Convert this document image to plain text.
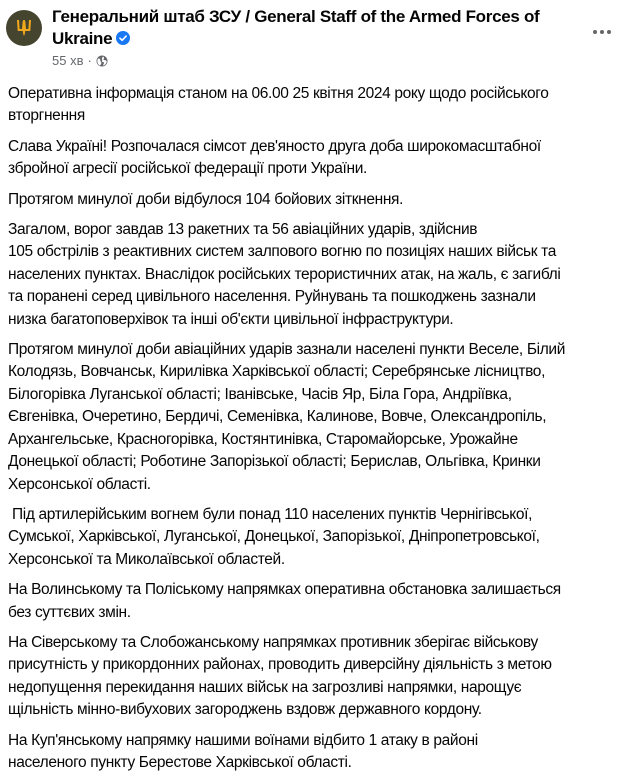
Генеральний штаб ЗСУ / General Staff of the Armed Forces of
Ukraine
55 хв ·
Оперативна інформація станом на 06.00 25 квітня 2024 року щодо російського
вторгнення
Слава Україні! Розпочалася сімсот дев'яносто друга доба широкомасштабної
збройної агресії російської федерації проти України.
Протягом минулої доби відбулося 104 бойових зіткнення.
Загалом, ворог завдав 13 ракетних та 56 авіаційних ударів, здійснив
105 обстрілів з реактивних систем залпового вогню по позиціях наших військ та
населених пунктах. Внаслідок російських терористичних атак, на жаль, є загиблі
та поранені серед цивільного населення. Руйнувань та пошкоджень зазнали
низка багатоповерхівок та інші об'єкти цивільної інфраструктури.
Протягом минулої доби авіаційних ударів зазнали населені пункти Веселе, Білий
Колодязь, Вовчанськ, Кирилівка Харківської області; Серебрянське лісництво,
Білогорівка Луганської області; Іванівське, Часів Яр, Біла Гора, Андріївка,
Євгенівка, Очеретино, Бердичі, Семенівка, Калинове, Вовче, Олександропіль,
Архангельське, Красногорівка, Костянтинівка, Старомайорське, Урожайне
Донецької області; Роботине Запорізької області; Берислав, Ольгівка, Кринки
Херсонської області.
Під артилерійським вогнем були понад 110 населених пунктів Чернігівської,
Сумської, Харківської, Луганської, Донецької, Запорізької, Дніпропетровської,
Херсонської та Миколаївської областей.
На Волинському та Поліському напрямках оперативна обстановка залишається
без суттєвих змін.
На Сіверському та Слобожанському напрямках противник зберігає військову
присутність у прикордонних районах, проводить диверсійну діяльність з метою
недопущення перекидання наших військ на загрозливі напрямки, нарощує
щільність мінно-вибухових загороджень вздовж державного кордону.
На Куп'янському напрямку нашими воїнами відбито 1 атаку в районі
населеного пункту Берестове Харківської області.
